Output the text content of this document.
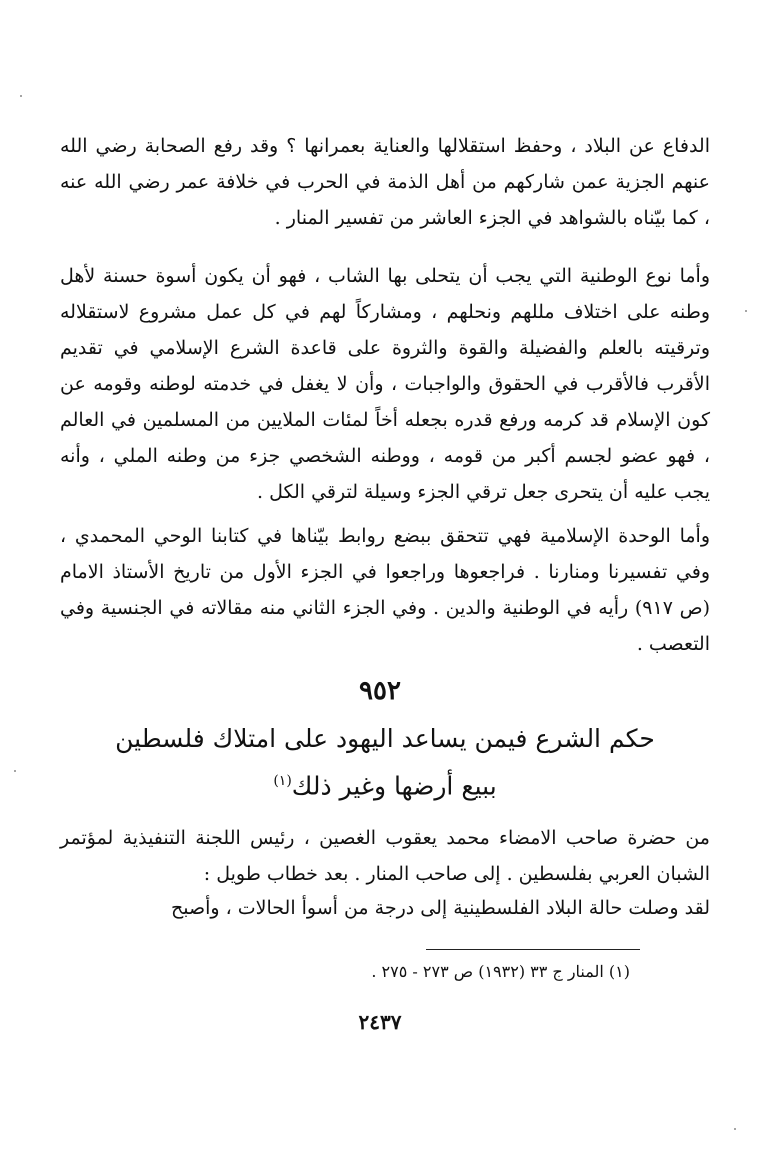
الدفاع عن البلاد ، وحفظ استقلالها والعناية بعمرانها ؟ وقد رفع الصحابة رضي الله عنهم الجزية عمن شاركهم من أهل الذمة في الحرب في خلافة عمر رضي الله عنه ، كما بيّناه بالشواهد في الجزء العاشر من تفسير المنار .

وأما نوع الوطنية التي يجب أن يتحلى بها الشاب ، فهو أن يكون أسوة حسنة لأهل وطنه على اختلاف مللهم ونحلهم ، ومشاركاً لهم في كل عمل مشروع لاستقلاله وترقيته بالعلم والفضيلة والقوة والثروة على قاعدة الشرع الإسلامي في تقديم الأقرب فالأقرب في الحقوق والواجبات ، وأن لا يغفل في خدمته لوطنه وقومه عن كون الإسلام قد كرمه ورفع قدره بجعله أخاً لمئات الملايين من المسلمين في العالم ، فهو عضو لجسم أكبر من قومه ، ووطنه الشخصي جزء من وطنه الملي ، وأنه يجب عليه أن يتحرى جعل ترقي الجزء وسيلة لترقي الكل .

وأما الوحدة الإسلامية فهي تتحقق ببضع روابط بيّناها في كتابنا الوحي المحمدي ، وفي تفسيرنا ومنارنا . فراجعوها وراجعوا في الجزء الأول من تاريخ الأستاذ الامام (ص ٩١٧) رأيه في الوطنية والدين . وفي الجزء الثاني منه مقالاته في الجنسية وفي التعصب .

٩٥٢
حكم الشرع فيمن يساعد اليهود على امتلاك فلسطين
ببيع أرضها وغير ذلك$^{(١)}$

من حضرة صاحب الامضاء محمد يعقوب الغصين ، رئيس اللجنة التنفيذية لمؤتمر الشبان العربي بفلسطين . إلى صاحب المنار . بعد خطاب طويل :

لقد وصلت حالة البلاد الفلسطينية إلى درجة من أسوأ الحالات ، وأصبح

(١) المنار ج ٣٣ (١٩٣٢) ص ٢٧٣ - ٢٧٥ .

٢٤٣٧
